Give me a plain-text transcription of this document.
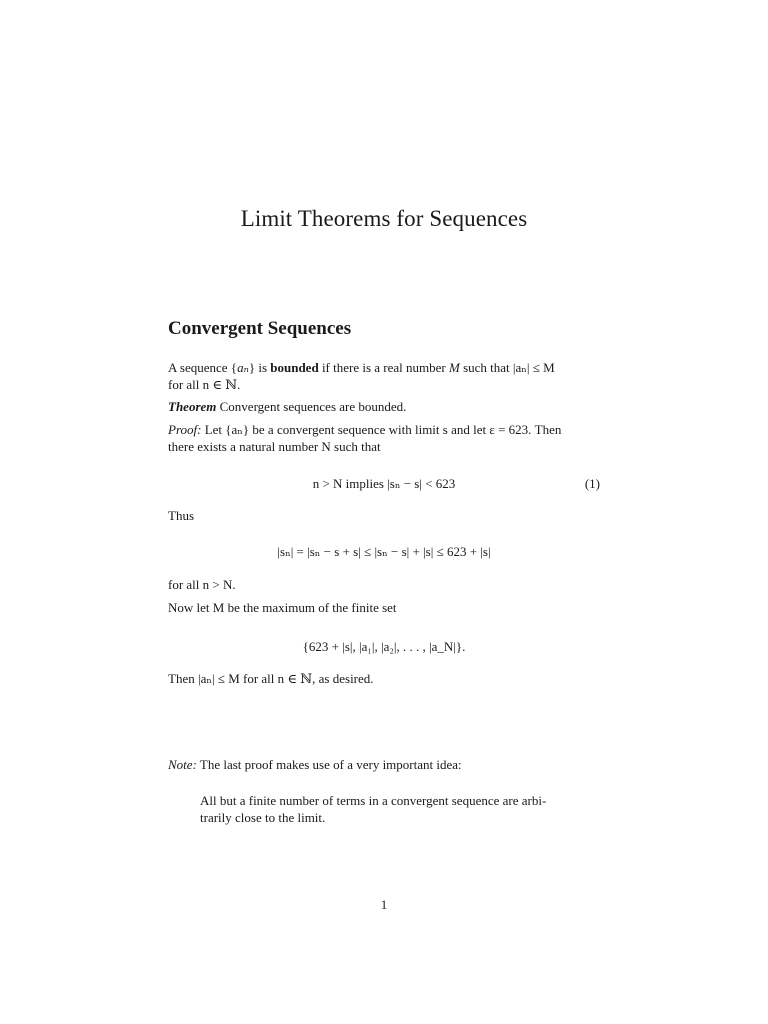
Limit Theorems for Sequences
Convergent Sequences
A sequence {aₙ} is bounded if there is a real number M such that |aₙ| ≤ M
for all n ∈ ℕ.
Theorem Convergent sequences are bounded.
Proof: Let {aₙ} be a convergent sequence with limit s and let ε = 623. Then
there exists a natural number N such that
n > N implies |sₙ − s| < 623	(1)
Thus
|sₙ| = |sₙ − s + s| ≤ |sₙ − s| + |s| ≤ 623 + |s|
for all n > N.
Now let M be the maximum of the finite set
{623 + |s|, |a₁|, |a₂|, . . . , |a_N|}.
Then |aₙ| ≤ M for all n ∈ ℕ, as desired.
Note: The last proof makes use of a very important idea:
All but a finite number of terms in a convergent sequence are arbi-
trarily close to the limit.
1
